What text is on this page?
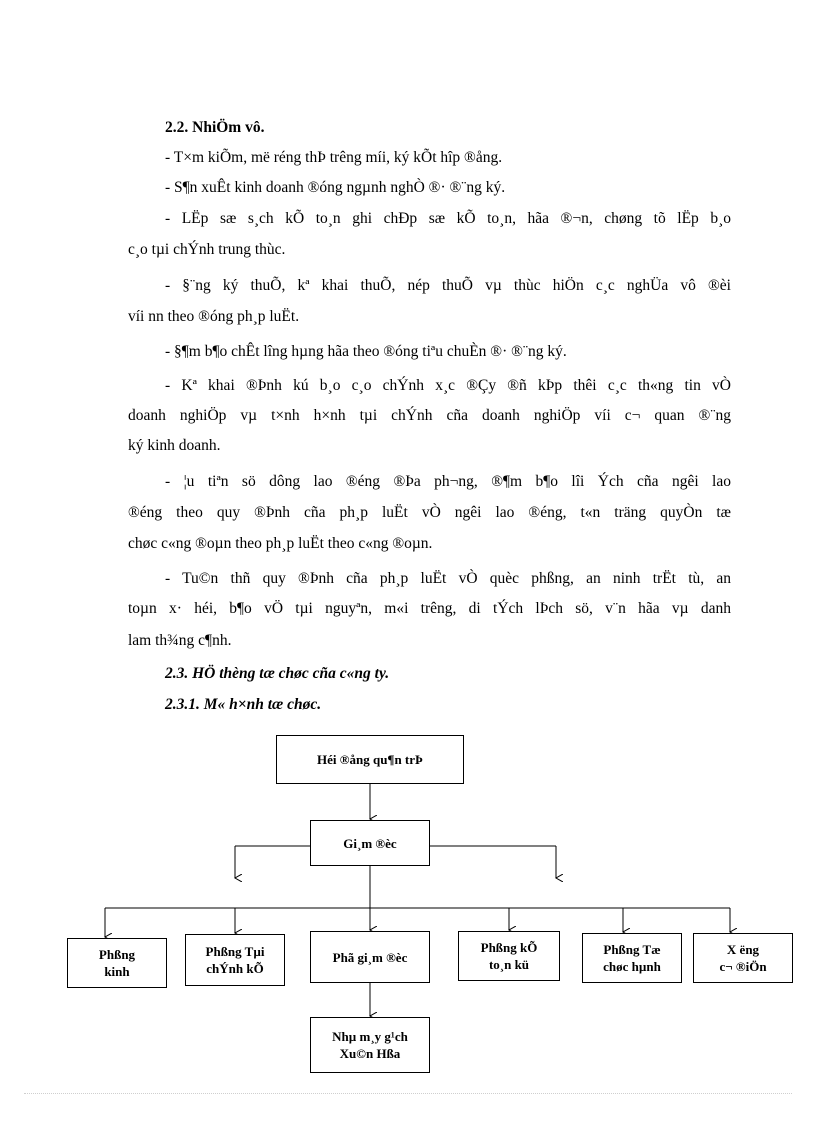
2.2. NhiÖm vô.
- T×m kiÕm, më réng thÞ trêng míi, ký kÕt hîp ®ång.
- S¶n xuÊt kinh doanh ®óng ngµnh nghÒ ®· ®¨ng ký.
- LËp sæ s¸ch kÕ to¸n ghi chÐp sæ kÕ to¸n, hãa ®¬n, chøng tõ lËp b¸o
c¸o tµi chÝnh trung thùc.
- §¨ng ký thuÕ, kª khai thuÕ, nép thuÕ vµ thùc hiÖn c¸c nghÜa vô ®èi
víi nn theo ®óng ph¸p luËt.
- §¶m b¶o chÊt lîng hµng hãa theo ®óng tiªu chuÈn ®· ®¨ng ký.
- Kª khai ®Þnh kú b¸o c¸o chÝnh x¸c ®Çy ®ñ kÞp thêi c¸c th«ng tin vÒ
doanh nghiÖp vµ t×nh h×nh tµi chÝnh cña doanh nghiÖp víi c¬ quan ®¨ng
ký kinh doanh.
- ¦u tiªn sö dông lao ®éng ®Þa ph¬ng, ®¶m b¶o lîi Ých cña ngêi lao
®éng theo quy ®Þnh cña ph¸p luËt vÒ ngêi lao ®éng, t«n träng quyÒn tæ
chøc c«ng ®oµn theo ph¸p luËt theo c«ng ®oµn.
- Tu©n thñ quy ®Þnh cña ph¸p luËt vÒ quèc phßng, an ninh trËt tù, an
toµn x· héi, b¶o vÖ tµi nguyªn, m«i trêng, di tÝch lÞch sö, v¨n hãa vµ danh
lam th¾ng c¶nh.
2.3. HÖ thèng tæ chøc cña c«ng ty.
2.3.1. M« h×nh tæ chøc.
Héi ®ång qu¶n trÞ
Gi¸m ®èc
Phßng
kinh
Phßng Tµi
chÝnh kÕ
Phã gi¸m ®èc
Phßng kÕ
to¸n kü
Phßng Tæ
chøc hµnh
X ëng
c¬ ®iÖn
Nhµ m¸y g¹ch
Xu©n Hßa
